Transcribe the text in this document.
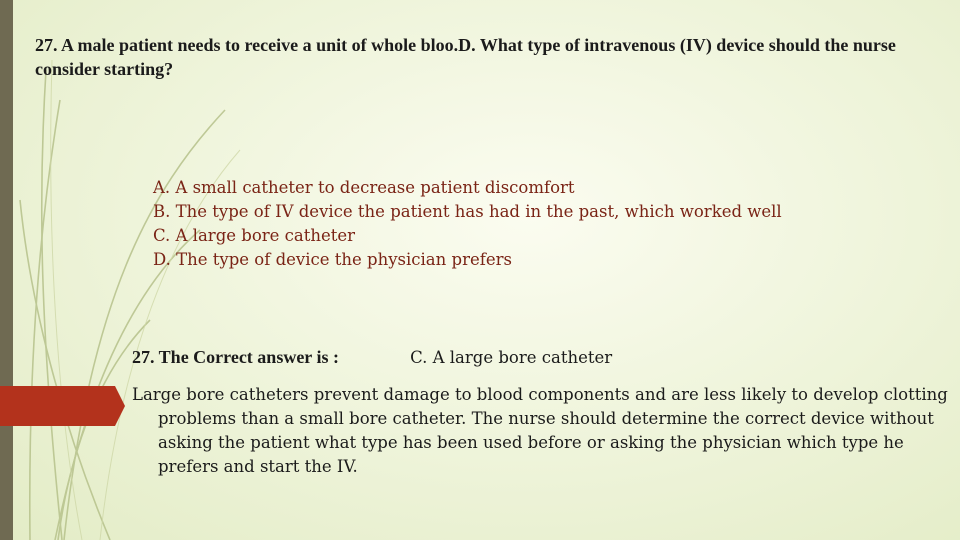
27. A male patient needs to receive a unit of whole bloo.D. What type of intravenous (IV) device should the nurse consider starting?
A. A small catheter to decrease patient discomfort
B. The type of IV device the patient has had in the past, which worked well
C. A large bore catheter
D. The type of device the physician prefers
27. The Correct answer is :	C. A large bore catheter
Large bore catheters prevent damage to blood components and are less likely to develop clotting problems than a small bore catheter. The nurse should determine the correct device without asking the patient what type has been used before or asking the physician which type he prefers and start the IV.
